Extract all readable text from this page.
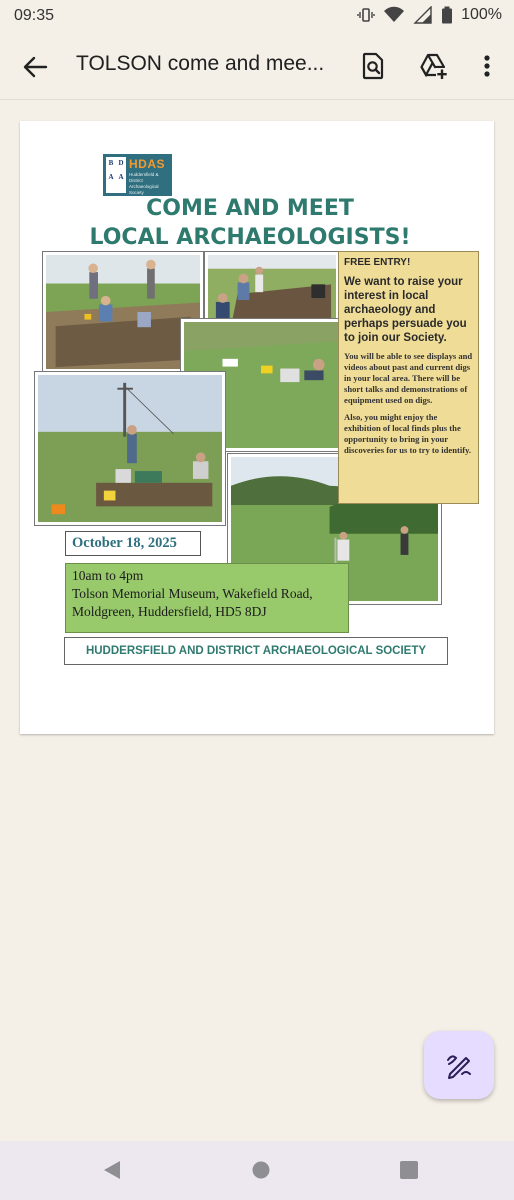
09:35	100%
TOLSON come and mee...
B D
A A
HDAS
Huddersfield & District Archaeological Society
COME AND MEET
LOCAL ARCHAEOLOGISTS!
FREE ENTRY!
We want to raise your interest in local archaeology and perhaps persuade you to join our Society.
You will be able to see displays and videos about past and current digs in your local area. There will be short talks and demonstrations of equipment used on digs.
Also, you might enjoy the exhibition of local finds plus the opportunity to bring in your discoveries for us to try to identify.
October 18, 2025
10am to 4pm
Tolson Memorial Museum, Wakefield Road, Moldgreen, Huddersfield, HD5 8DJ
HUDDERSFIELD AND DISTRICT ARCHAEOLOGICAL SOCIETY
